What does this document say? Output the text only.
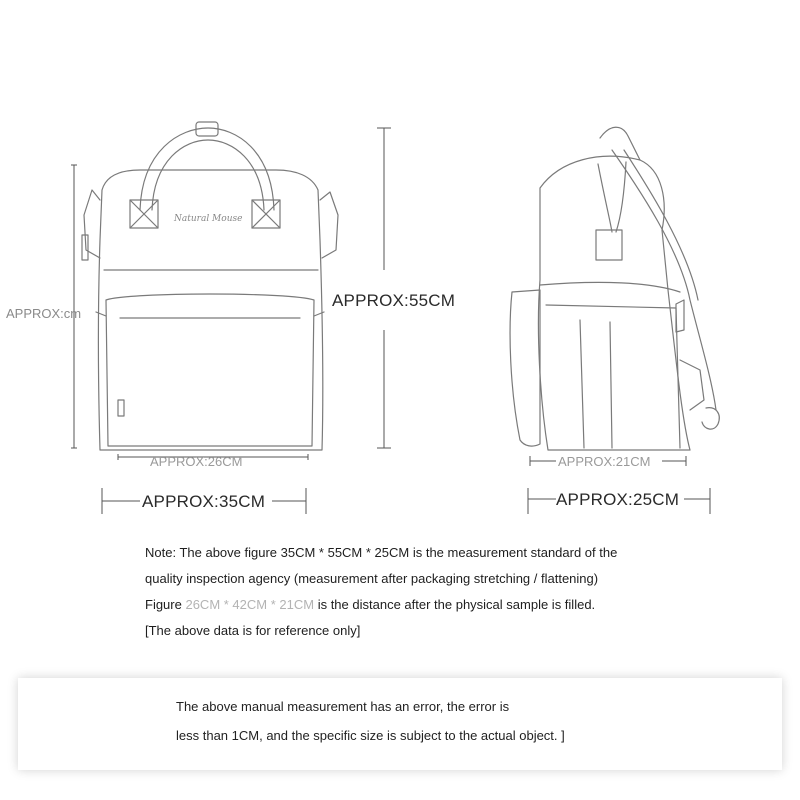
APPROX:cm
APPROX:55CM
APPROX:26CM
APPROX:35CM
APPROX:21CM
APPROX:25CM
Natural Mouse

Note: The above figure 35CM * 55CM * 25CM is the measurement standard of the

quality inspection agency (measurement after packaging stretching / flattening)

Figure 26CM * 42CM * 21CM is the distance after the physical sample is filled.

[The above data is for reference only]

The above manual measurement has an error, the error is

less than 1CM, and the specific size is subject to the actual object. ]
